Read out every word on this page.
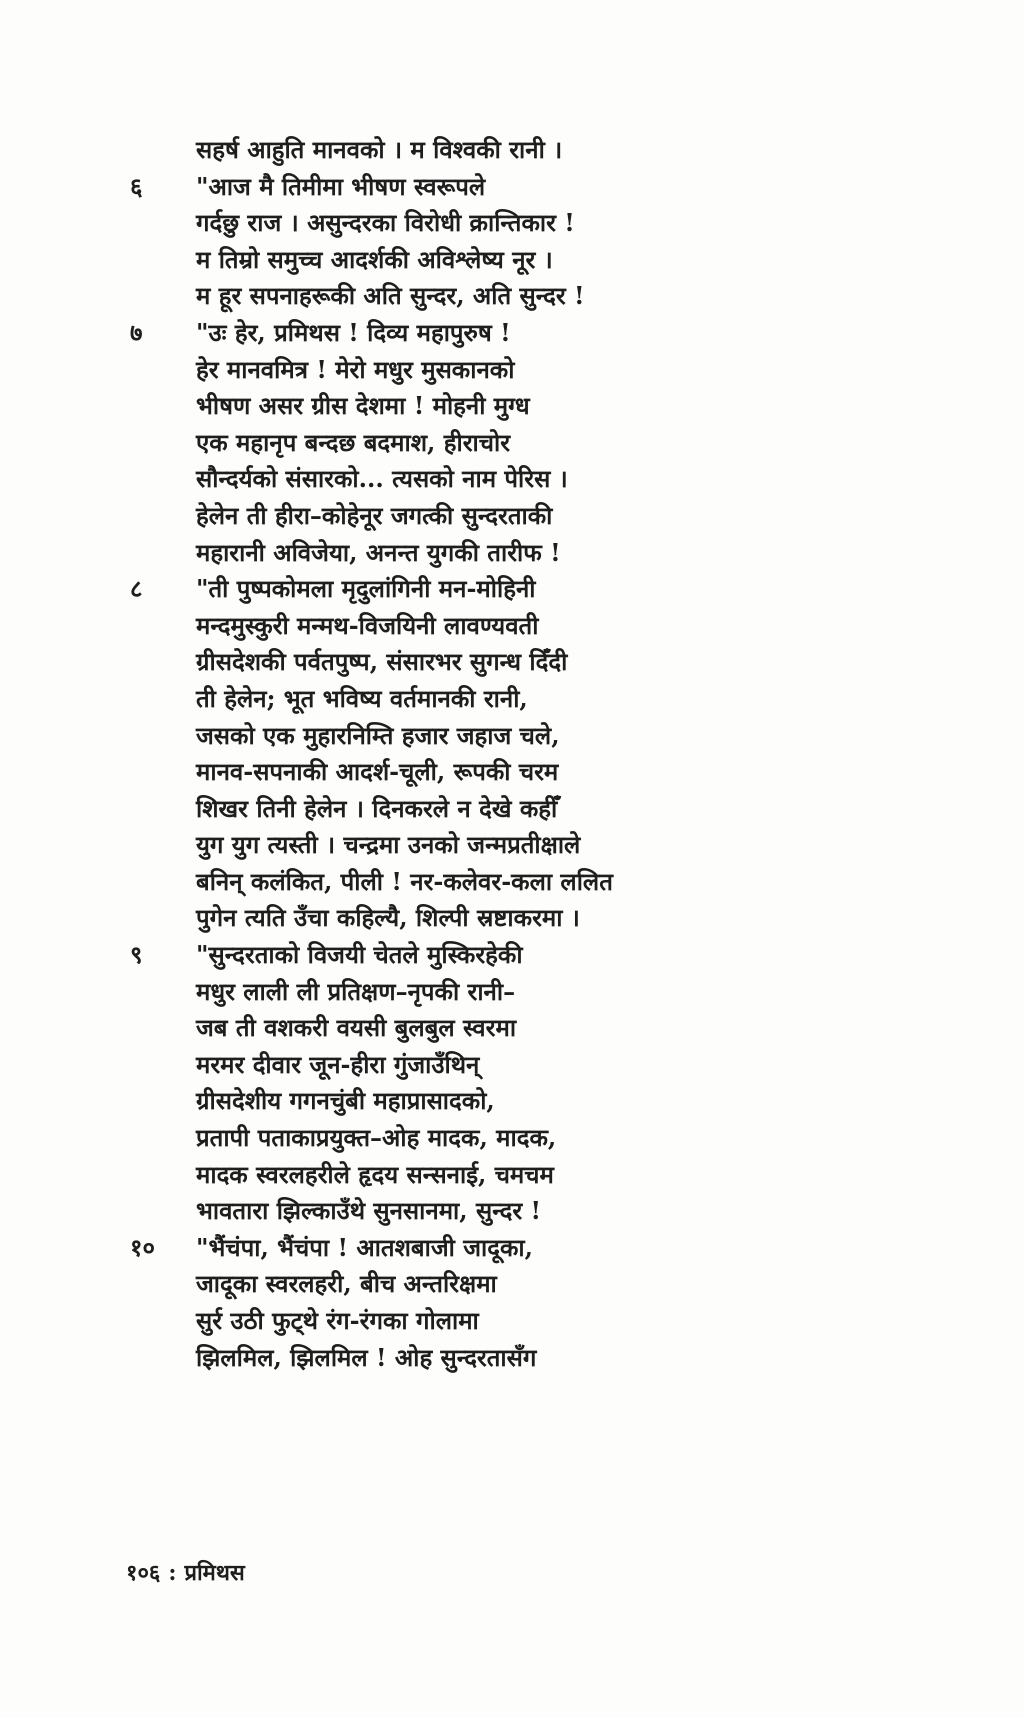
सहर्ष आहुति मानवको । म विश्वकी रानी ।
६ "आज मै तिमीमा भीषण स्वरूपले
गर्दछु राज । असुन्दरका विरोधी क्रान्तिकार !
म तिम्रो समुच्च आदर्शकी अविश्लेष्य नूर ।
म हूर सपनाहरूकी अति सुन्दर, अति सुन्दर !
७ "उः हेर, प्रमिथस ! दिव्य महापुरुष !
हेर मानवमित्र ! मेरो मधुर मुसकानको
भीषण असर ग्रीस देशमा ! मोहनी मुग्ध
एक महानृप बन्दछ बदमाश, हीराचोर
सौन्दर्यको संसारको... त्यसको नाम पेरिस ।
हेलेन ती हीरा–कोहेनूर जगत्की सुन्दरताकी
महारानी अविजेया, अनन्त युगकी तारीफ !
८ "ती पुष्पकोमला मृदुलांगिनी मन-मोहिनी
मन्दमुस्कुरी मन्मथ-विजयिनी लावण्यवती
ग्रीसदेशकी पर्वतपुष्प, संसारभर सुगन्ध दिँदी
ती हेलेन; भूत भविष्य वर्तमानकी रानी,
जसको एक मुहारनिम्ति हजार जहाज चले,
मानव-सपनाकी आदर्श-चूली, रूपकी चरम
शिखर तिनी हेलेन । दिनकरले न देखे कहीँ
युग युग त्यस्ती । चन्द्रमा उनको जन्मप्रतीक्षाले
बनिन् कलंकित, पीली ! नर-कलेवर-कला ललित
पुगेन त्यति उँचा कहिल्यै, शिल्पी स्रष्टाकरमा ।
९ "सुन्दरताको विजयी चेतले मुस्किरहेकी
मधुर लाली ली प्रतिक्षण–नृपकी रानी–
जब ती वशकरी वयसी बुलबुल स्वरमा
मरमर दीवार जून-हीरा गुंजाउँथिन्
ग्रीसदेशीय गगनचुंबी महाप्रासादको,
प्रतापी पताकाप्रयुक्त–ओह मादक, मादक,
मादक स्वरलहरीले हृदय सन्सनाई, चमचम
भावतारा झिल्काउँथे सुनसानमा, सुन्दर !
१० "भैंचंपा, भैंचंपा ! आतशबाजी जादूका,
जादूका स्वरलहरी, बीच अन्तरिक्षमा
सुर्र उठी फुट्थे रंग-रंगका गोलामा
झिलमिल, झिलमिल ! ओह सुन्दरतासँग
१०६ : प्रमिथस
